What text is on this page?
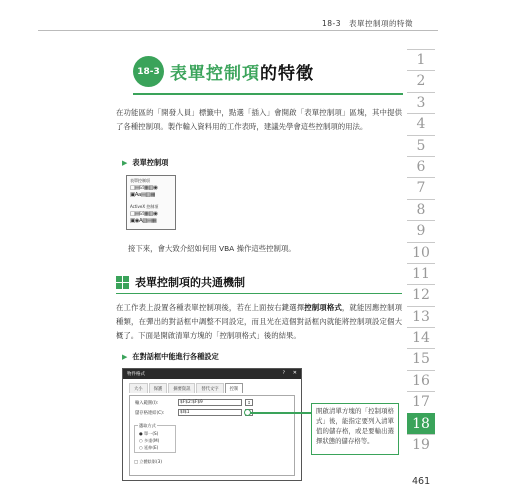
18-3　表單控制項的特徵
1
2
3
4
5
6
7
8
9
10
11
12
13
14
15
16
17
18
19
18-3 表單控制項的特徵
在功能區的「開發人員」標籤中，點選「插入」會開啟「表單控制項」區塊，其中提供了各種控制項。製作輸入資料用的工作表時，建議先學會這些控制項的用法。
▶ 表單控制項
表單控制項
□▤☑▦▥◉
▣Aa▤▥▦
ActiveX 控制項
□▤☑▦▥◉
▣◉A▧▤▦
接下來，會大致介紹如何用 VBA 操作這些控制項。
表單控制項的共通機制
在工作表上設置各種表單控制項後，若在上面按右鍵選擇控制項格式，就能因應控制項種類，在彈出的對話框中調整不同設定，而且光在這個對話框內就能將控制項設定個大概了。下面是開啟清單方塊的「控制項格式」後的結果。
▶ 在對話框中能進行各種設定
物件格式	? ✕
大小	保護	摘要資訊	替代文字	控制
輸入範圍(I):	$F$2:$F$9	↥
儲存格連結(C):	$I$1
選取方式
● 單一(S)
○ 多重(M)
○ 延伸(E)
□ 立體陰影(3)
開啟清單方塊的「控制項格式」後，能指定要列入清單值的儲存格，或是要輸出選擇狀態的儲存格等。
461
